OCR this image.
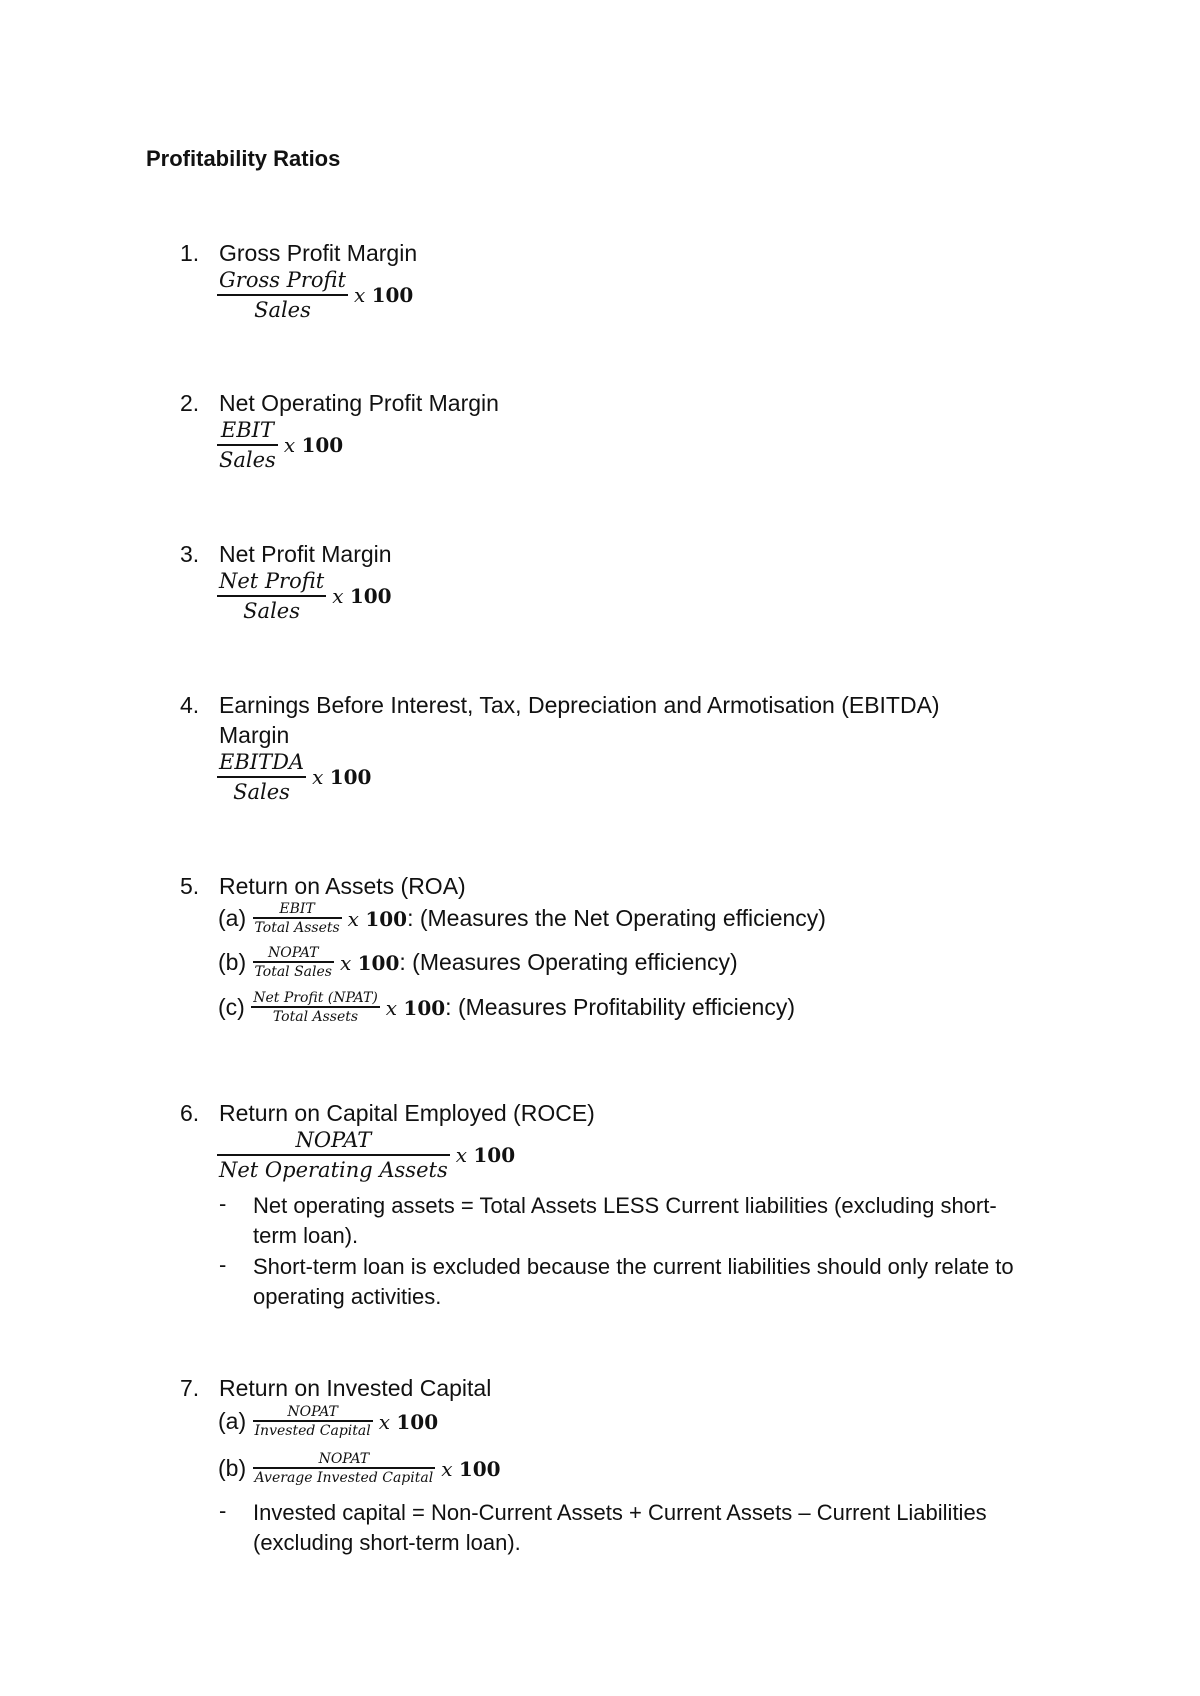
Profitability Ratios
1. Gross Profit Margin
$\frac{\text{Gross Profit}}{\text{Sales}}$ x 100
2. Net Operating Profit Margin
$\frac{\text{EBIT}}{\text{Sales}}$ x 100
3. Net Profit Margin
$\frac{\text{Net Profit}}{\text{Sales}}$ x 100
4. Earnings Before Interest, Tax, Depreciation and Armotisation (EBITDA)
Margin
$\frac{\text{EBITDA}}{\text{Sales}}$ x 100
5. Return on Assets (ROA)
$(a) \frac{\text{EBIT}}{\text{Total Assets}}$ x 100: (Measures the Net Operating efficiency)
$(b) \frac{\text{NOPAT}}{\text{Total Sales}}$ x 100: (Measures Operating efficiency)
$(c) \frac{\text{Net Profit (NPAT)}}{\text{Total Assets}}$ x 100: (Measures Profitability efficiency)
6. Return on Capital Employed (ROCE)
$\frac{\text{NOPAT}}{\text{Net Operating Assets}}$ x 100
- Net operating assets = Total Assets LESS Current liabilities (excluding short-term loan).
- Short-term loan is excluded because the current liabilities should only relate to operating activities.
7. Return on Invested Capital
$(a) \frac{\text{NOPAT}}{\text{Invested Capital}}$ x 100
$(b) \frac{\text{NOPAT}}{\text{Average Invested Capital}}$ x 100
- Invested capital = Non-Current Assets + Current Assets – Current Liabilities (excluding short-term loan).
